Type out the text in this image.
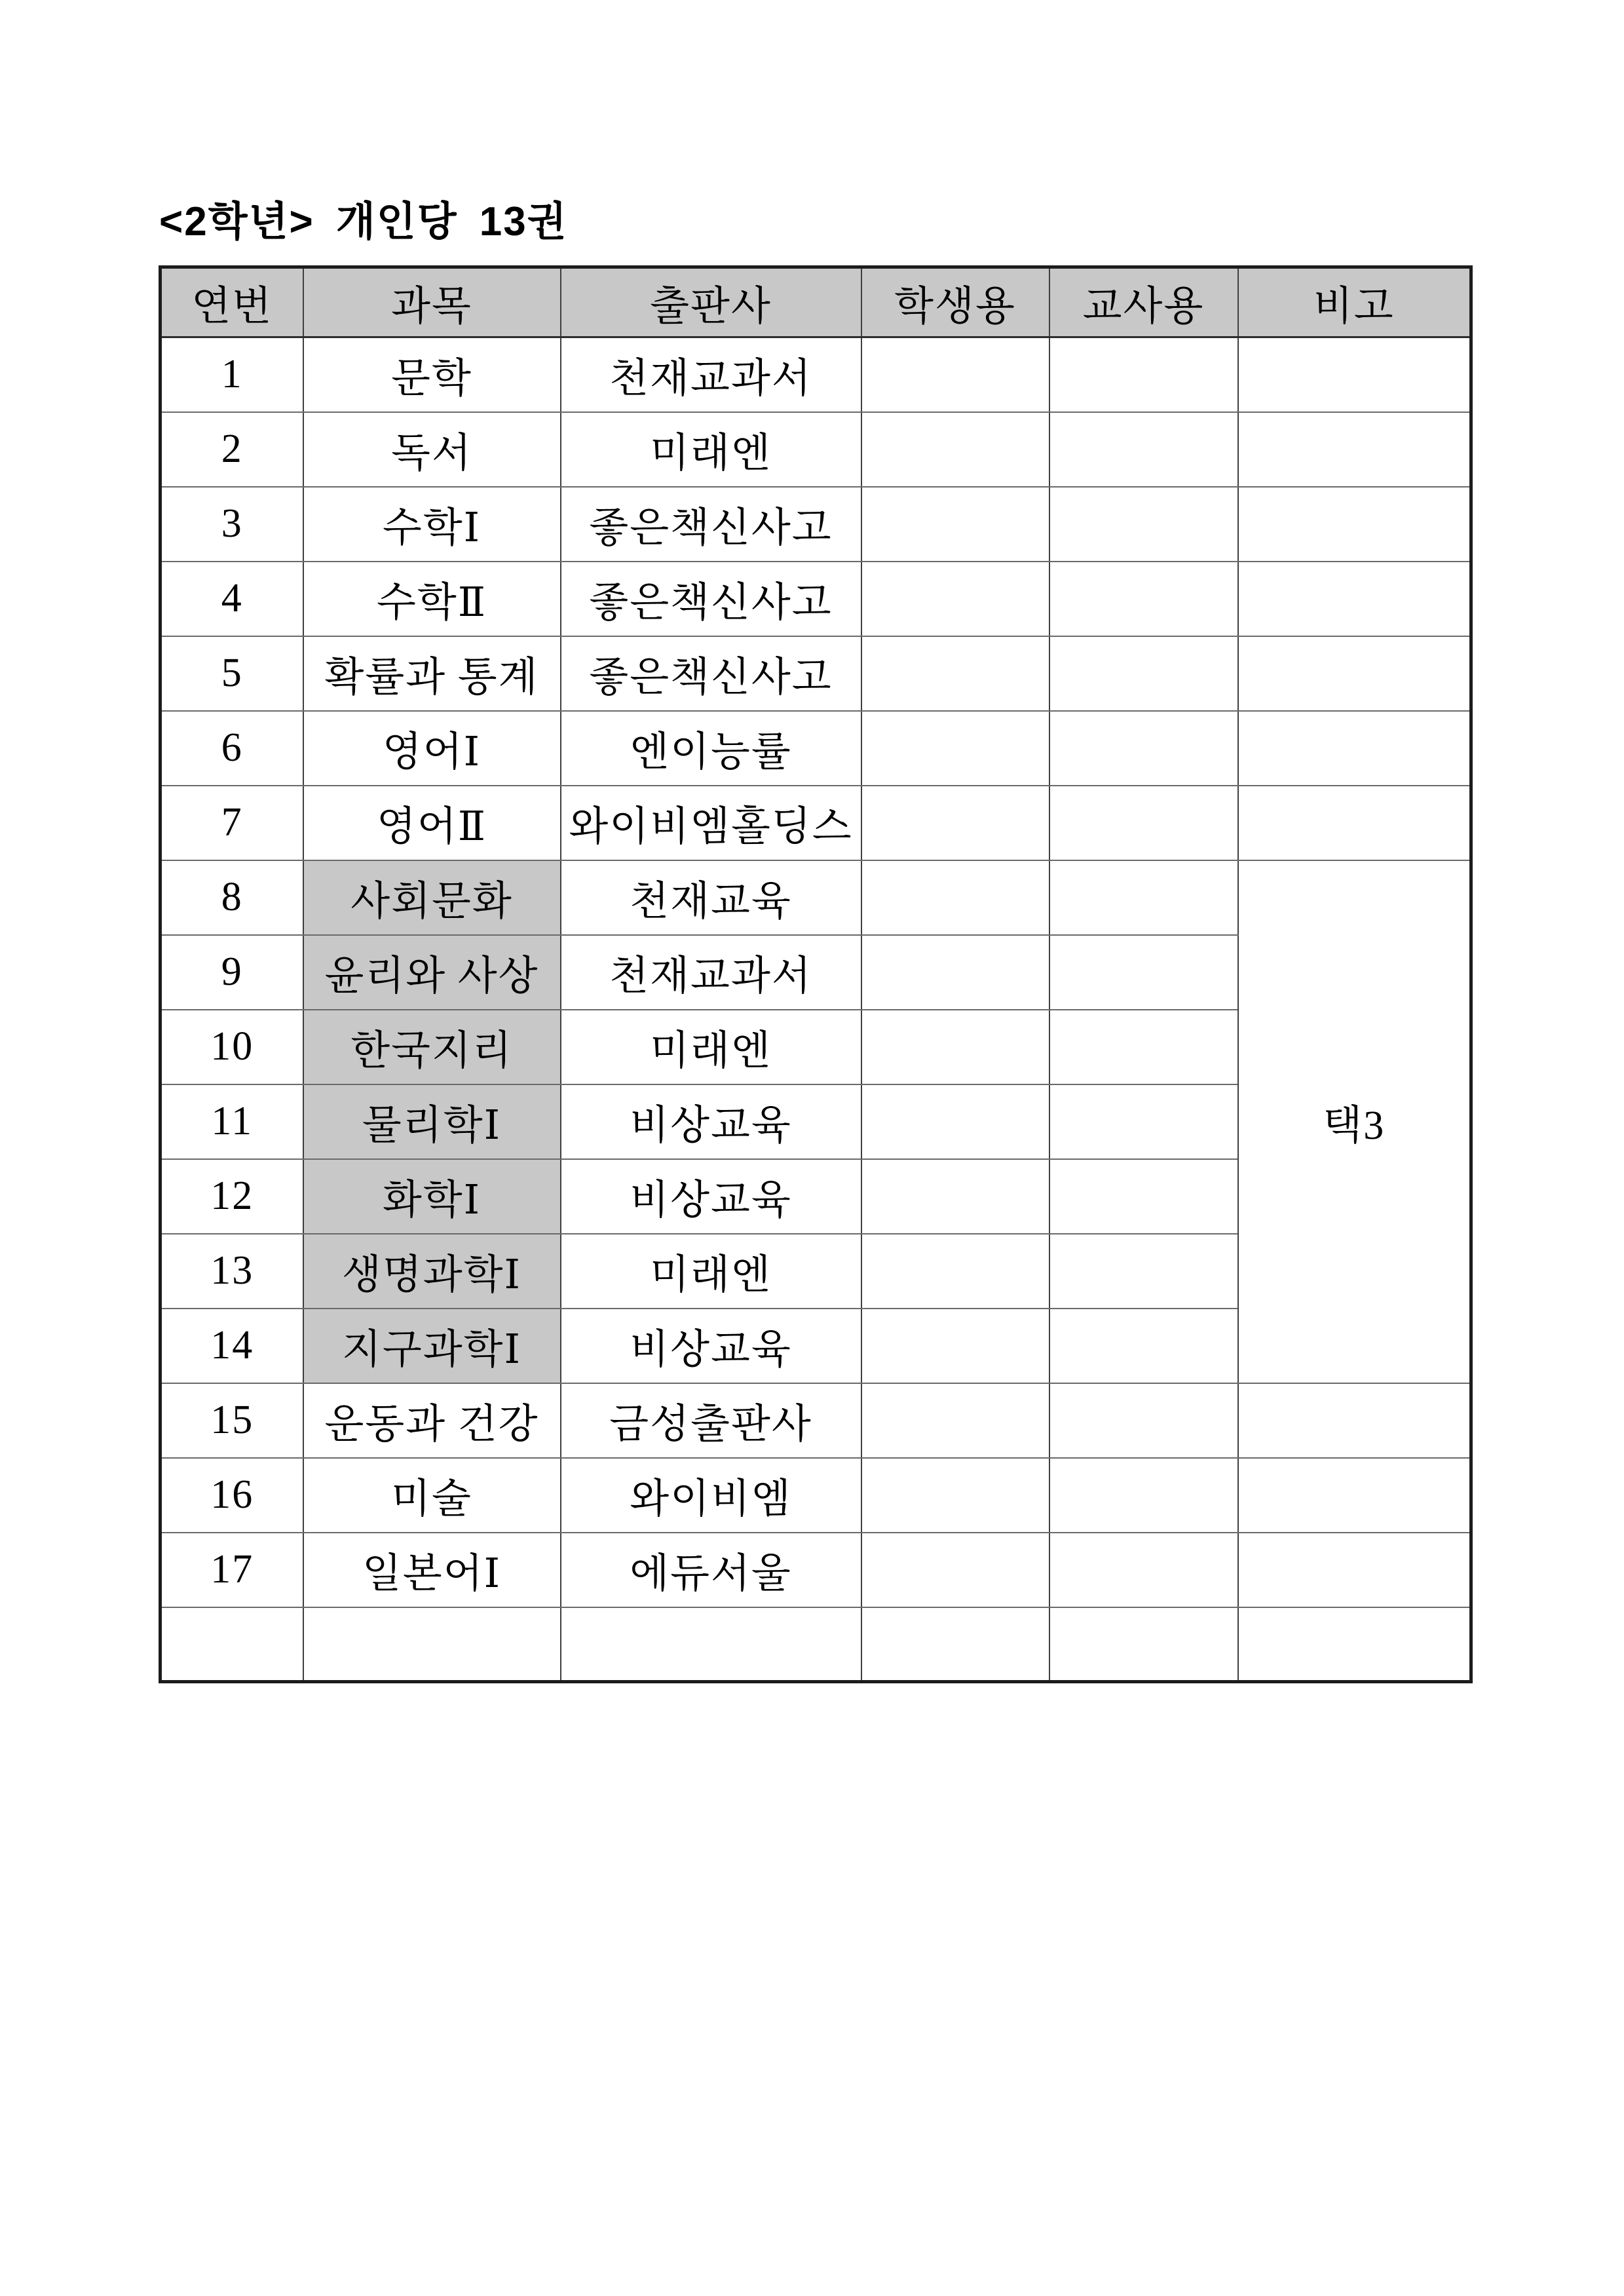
<2학년> 개인당 13권
연번	과목	출판사	학생용	교사용	비고
1	문학	천재교과서			
2	독서	미래엔			
3	수학Ⅰ	좋은책신사고			
4	수학Ⅱ	좋은책신사고			
5	확률과 통계	좋은책신사고			
6	영어Ⅰ	엔이능률			
7	영어Ⅱ	와이비엠홀딩스			
8	사회문화	천재교육			택3
9	윤리와 사상	천재교과서			
10	한국지리	미래엔			
11	물리학Ⅰ	비상교육			
12	화학Ⅰ	비상교육			
13	생명과학Ⅰ	미래엔			
14	지구과학Ⅰ	비상교육			
15	운동과 건강	금성출판사			
16	미술	와이비엠			
17	일본어Ⅰ	에듀서울			
